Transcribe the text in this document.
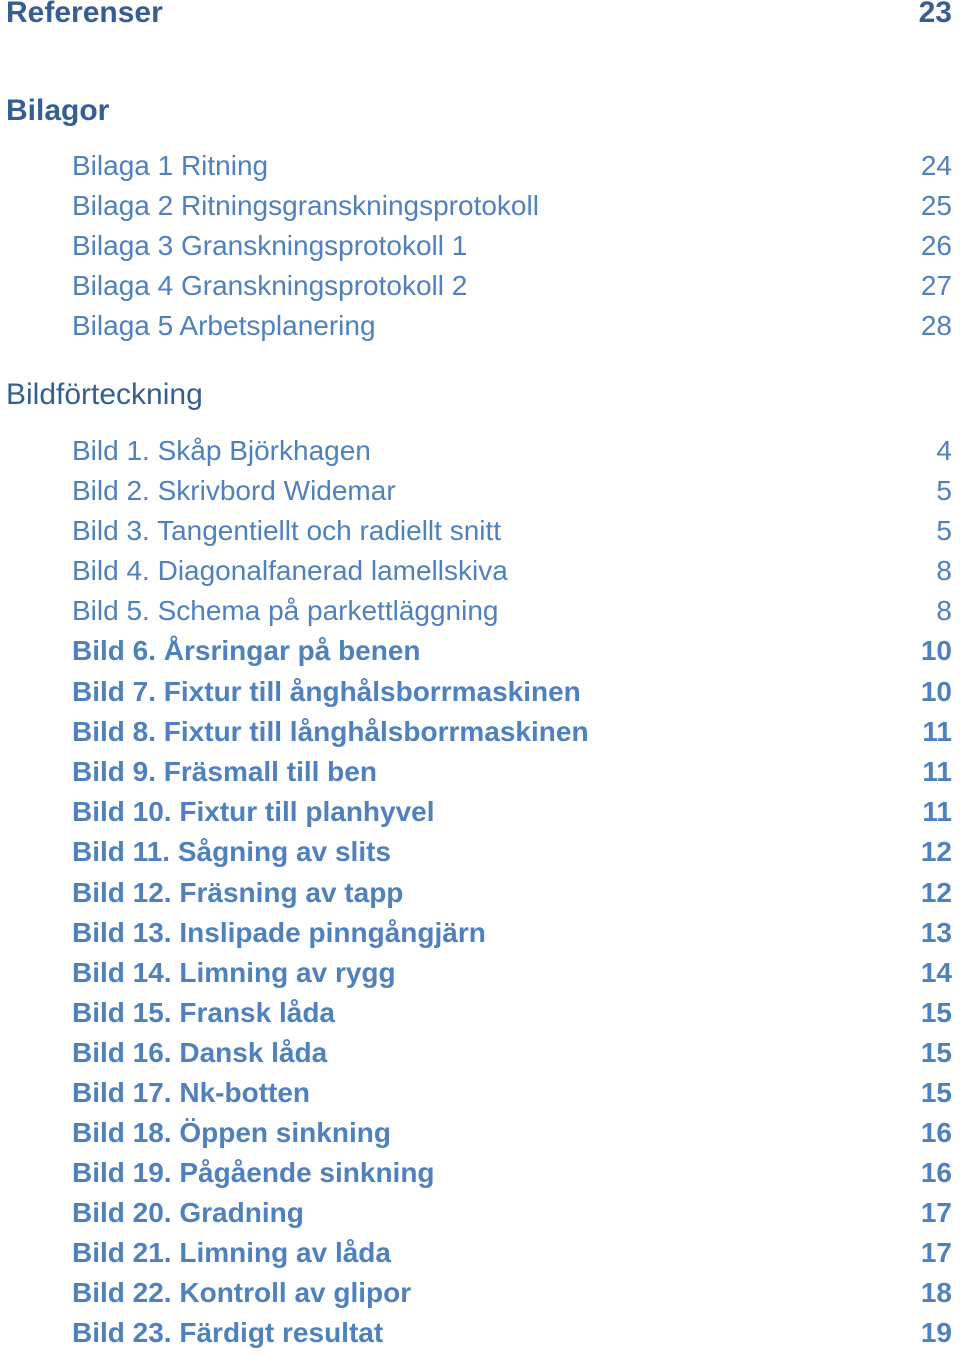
Referenser	23
Bilagor
Bilaga 1 Ritning	24
Bilaga 2 Ritningsgranskningsprotokoll	25
Bilaga 3 Granskningsprotokoll 1	26
Bilaga 4 Granskningsprotokoll 2	27
Bilaga 5 Arbetsplanering	28
Bildförteckning
Bild 1. Skåp Björkhagen	4
Bild 2. Skrivbord Widemar	5
Bild 3. Tangentiellt och radiellt snitt	5
Bild 4. Diagonalfanerad lamellskiva	8
Bild 5. Schema på parkettläggning	8
Bild 6. Årsringar på benen	10
Bild 7. Fixtur till ånghålsborrmaskinen	10
Bild 8. Fixtur till långhålsborrmaskinen	11
Bild 9. Fräsmall till ben	11
Bild 10. Fixtur till planhyvel	11
Bild 11. Sågning av slits	12
Bild 12. Fräsning av tapp	12
Bild 13. Inslipade pinngångjärn	13
Bild 14. Limning av rygg	14
Bild 15. Fransk låda	15
Bild 16. Dansk låda	15
Bild 17. Nk-botten	15
Bild 18. Öppen sinkning	16
Bild 19. Pågående sinkning	16
Bild 20. Gradning	17
Bild 21. Limning av låda	17
Bild 22. Kontroll av glipor	18
Bild 23. Färdigt resultat	19
